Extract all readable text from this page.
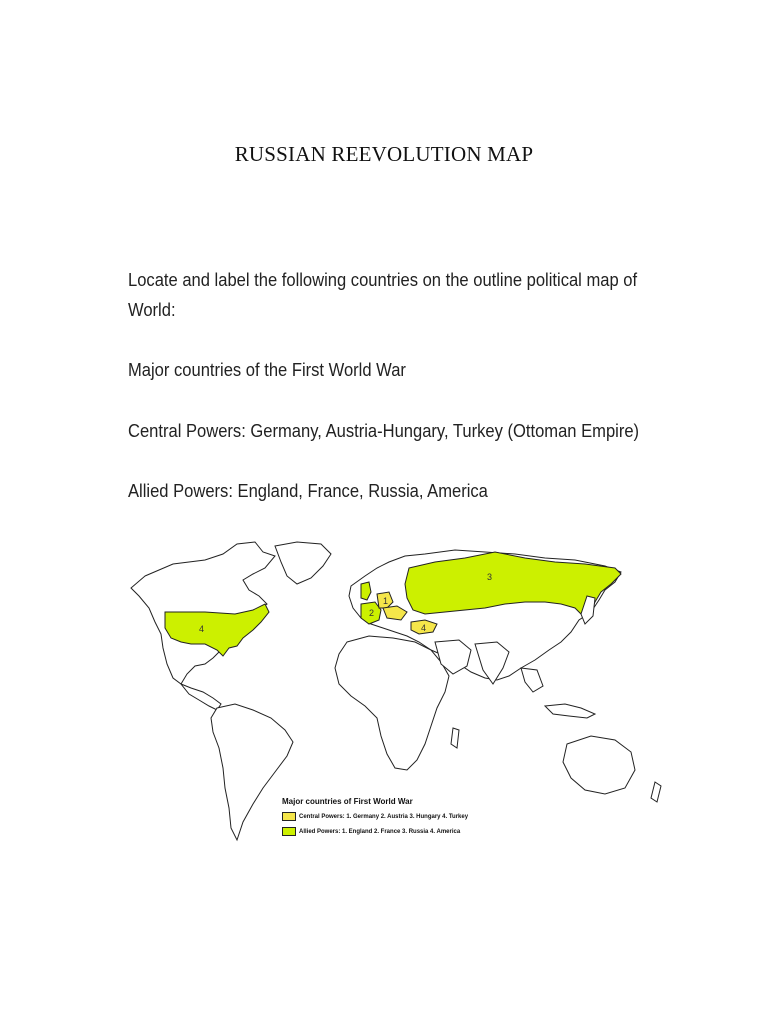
RUSSIAN REEVOLUTION MAP
Locate and label the following countries on the outline political map of World:
Major countries of the First World War
Central Powers: Germany, Austria-Hungary, Turkey (Ottoman Empire)
Allied Powers: England, France, Russia, America
4
3
1
2
4
Major countries of First World War
Central Powers: 1. Germany 2. Austria 3. Hungary 4. Turkey
Allied Powers: 1. England 2. France 3. Russia 4. America
